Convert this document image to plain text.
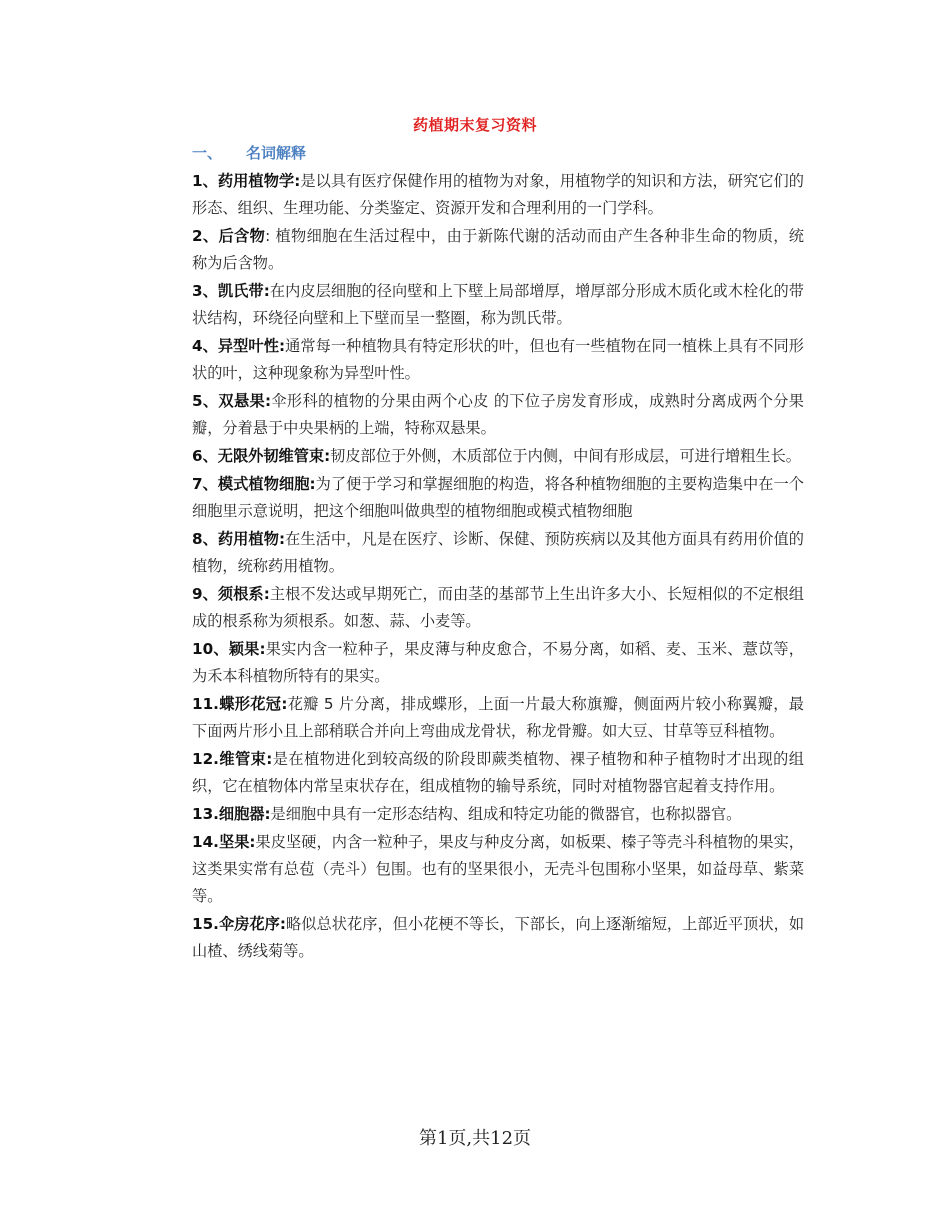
药植期末复习资料
一、 名词解释

1、药用植物学:是以具有医疗保健作用的植物为对象，用植物学的知识和方法，研究它们的形态、组织、生理功能、分类鉴定、资源开发和合理利用的一门学科。

2、后含物: 植物细胞在生活过程中，由于新陈代谢的活动而由产生各种非生命的物质，统称为后含物。

3、凯氏带:在内皮层细胞的径向壁和上下壁上局部增厚，增厚部分形成木质化或木栓化的带状结构，环绕径向壁和上下壁而呈一整圈，称为凯氏带。

4、异型叶性:通常每一种植物具有特定形状的叶，但也有一些植物在同一植株上具有不同形状的叶，这种现象称为异型叶性。

5、双悬果:伞形科的植物的分果由两个心皮 的下位子房发育形成，成熟时分离成两个分果瓣，分着悬于中央果柄的上端，特称双悬果。

6、无限外韧维管束:韧皮部位于外侧，木质部位于内侧，中间有形成层，可进行增粗生长。

7、模式植物细胞:为了便于学习和掌握细胞的构造，将各种植物细胞的主要构造集中在一个细胞里示意说明，把这个细胞叫做典型的植物细胞或模式植物细胞

8、药用植物:在生活中，凡是在医疗、诊断、保健、预防疾病以及其他方面具有药用价值的植物，统称药用植物。

9、须根系:主根不发达或早期死亡，而由茎的基部节上生出许多大小、长短相似的不定根组成的根系称为须根系。如葱、蒜、小麦等。

10、颖果:果实内含一粒种子，果皮薄与种皮愈合，不易分离，如稻、麦、玉米、薏苡等，为禾本科植物所特有的果实。

11.蝶形花冠:花瓣 5 片分离，排成蝶形，上面一片最大称旗瓣，侧面两片较小称翼瓣，最下面两片形小且上部稍联合并向上弯曲成龙骨状，称龙骨瓣。如大豆、甘草等豆科植物。

12.维管束:是在植物进化到较高级的阶段即蕨类植物、裸子植物和种子植物时才出现的组织，它在植物体内常呈束状存在，组成植物的输导系统，同时对植物器官起着支持作用。

13.细胞器:是细胞中具有一定形态结构、组成和特定功能的微器官，也称拟器官。

14.坚果:果皮坚硬，内含一粒种子，果皮与种皮分离，如板栗、榛子等壳斗科植物的果实，这类果实常有总苞（壳斗）包围。也有的坚果很小，无壳斗包围称小坚果，如益母草、紫菜等。

15.伞房花序:略似总状花序，但小花梗不等长，下部长，向上逐渐缩短，上部近平顶状，如山楂、绣线菊等。

第1页,共12页
